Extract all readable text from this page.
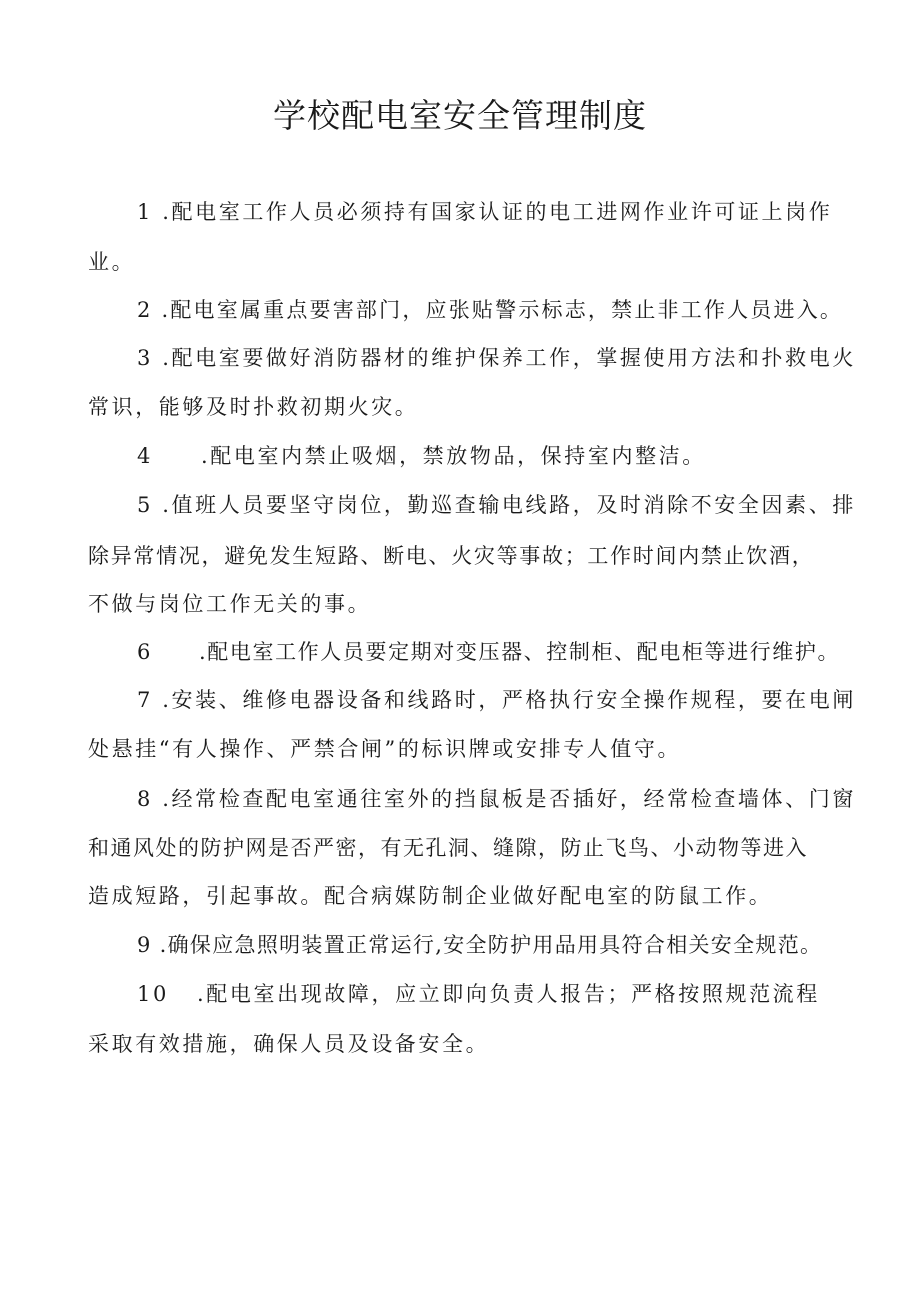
学校配电室安全管理制度
1 .配电室工作人员必须持有国家认证的电工进网作业许可证上岗作
业。
2 .配电室属重点要害部门，应张贴警示标志，禁止非工作人员进入。
3 .配电室要做好消防器材的维护保养工作，掌握使用方法和扑救电火
常识，能够及时扑救初期火灾。
4 .配电室内禁止吸烟，禁放物品，保持室内整洁。
5 .值班人员要坚守岗位，勤巡查输电线路，及时消除不安全因素、排
除异常情况，避免发生短路、断电、火灾等事故；工作时间内禁止饮酒，
不做与岗位工作无关的事。
6 .配电室工作人员要定期对变压器、控制柜、配电柜等进行维护。
7 .安装、维修电器设备和线路时，严格执行安全操作规程，要在电闸
处悬挂“有人操作、严禁合闸”的标识牌或安排专人值守。
8 .经常检查配电室通往室外的挡鼠板是否插好，经常检查墙体、门窗
和通风处的防护网是否严密，有无孔洞、缝隙，防止飞鸟、小动物等进入
造成短路，引起事故。配合病媒防制企业做好配电室的防鼠工作。
9 .确保应急照明装置正常运行,安全防护用品用具符合相关安全规范。
10 .配电室出现故障，应立即向负责人报告；严格按照规范流程
采取有效措施，确保人员及设备安全。
